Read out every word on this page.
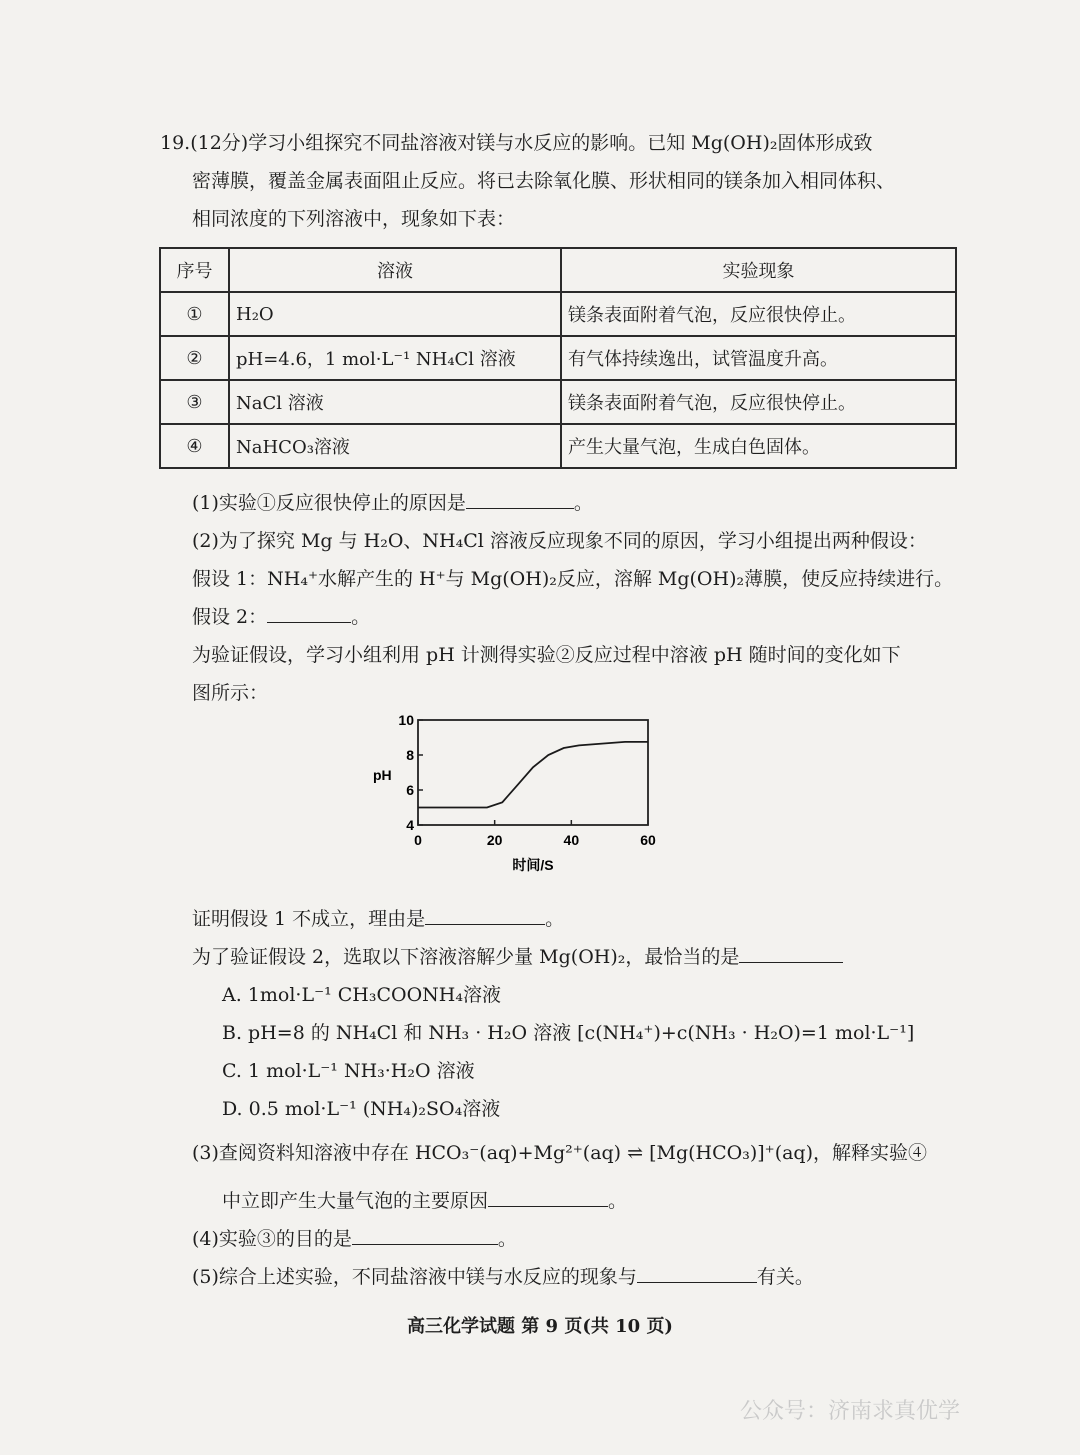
19.(12分)学习小组探究不同盐溶液对镁与水反应的影响。已知 Mg(OH)₂固体形成致
密薄膜，覆盖金属表面阻止反应。将已去除氧化膜、形状相同的镁条加入相同体积、
相同浓度的下列溶液中，现象如下表：
序号	溶液	实验现象
①	H₂O	镁条表面附着气泡，反应很快停止。
②	pH=4.6，1 mol·L⁻¹ NH₄Cl 溶液	有气体持续逸出，试管温度升高。
③	NaCl 溶液	镁条表面附着气泡，反应很快停止。
④	NaHCO₃溶液	产生大量气泡，生成白色固体。
(1)实验①反应很快停止的原因是	。
(2)为了探究 Mg 与 H₂O、NH₄Cl 溶液反应现象不同的原因，学习小组提出两种假设：
假设 1：NH₄⁺水解产生的 H⁺与 Mg(OH)₂反应，溶解 Mg(OH)₂薄膜，使反应持续进行。
假设 2：	。
为验证假设，学习小组利用 pH 计测得实验②反应过程中溶液 pH 随时间的变化如下
图所示：
4
6
8
10
0	20	40	60
pH
时间/S
证明假设 1 不成立，理由是	。
为了验证假设 2，选取以下溶液溶解少量 Mg(OH)₂，最恰当的是
A. 1mol·L⁻¹ CH₃COONH₄溶液
B. pH=8 的 NH₄Cl 和 NH₃ · H₂O 溶液 [c(NH₄⁺)+c(NH₃ · H₂O)=1 mol·L⁻¹]
C. 1 mol·L⁻¹ NH₃·H₂O 溶液
D. 0.5 mol·L⁻¹ (NH₄)₂SO₄溶液
(3)查阅资料知溶液中存在 HCO₃⁻(aq)+Mg²⁺(aq) ⇌ [Mg(HCO₃)]⁺(aq)，解释实验④
中立即产生大量气泡的主要原因	。
(4)实验③的目的是	。
(5)综合上述实验，不同盐溶液中镁与水反应的现象与	有关。
高三化学试题 第 9 页(共 10 页)
公众号：济南求真优学
